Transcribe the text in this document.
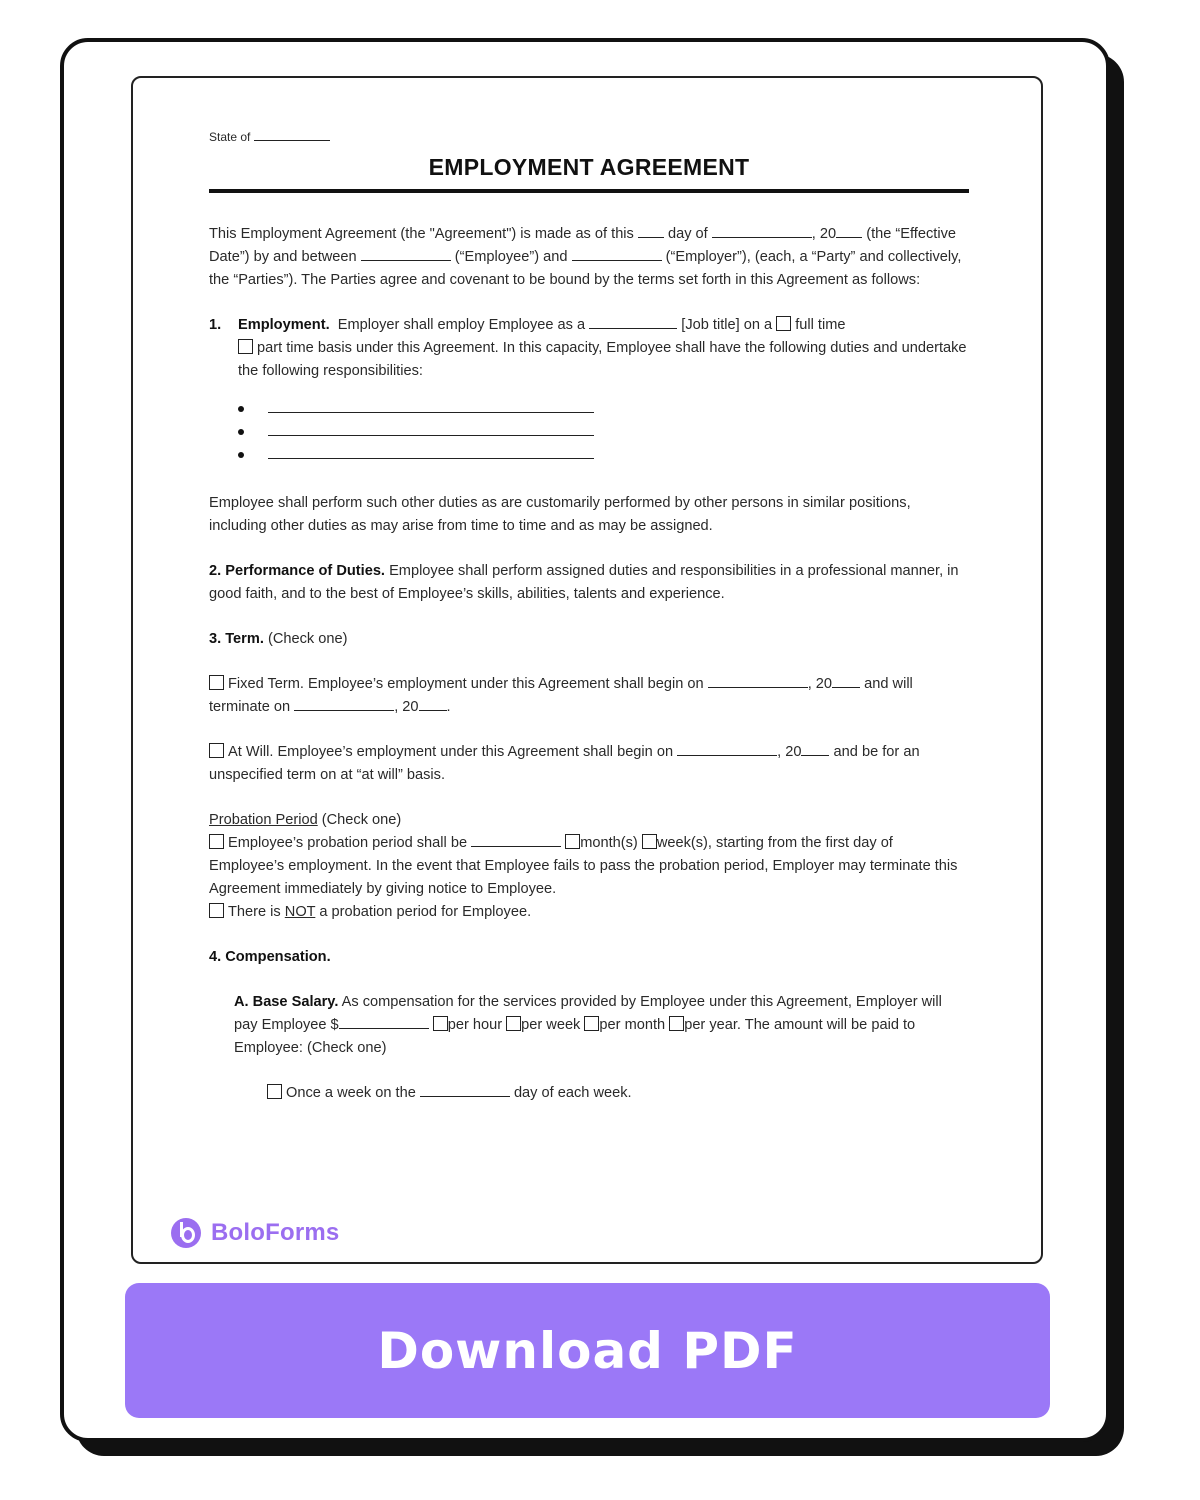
State of
EMPLOYMENT AGREEMENT

This Employment Agreement (the "Agreement") is made as of this day of	, 20 (the “Effective Date”) by and between	(“Employee”) and	(“Employer”), (each, a “Party” and collectively, the “Parties”). The Parties agree and covenant to be bound by the terms set forth in this Agreement as follows:

1. Employment. Employer shall employ Employee as a	[Job title] on a full time

part time basis under this Agreement. In this capacity, Employee shall have the following duties and undertake the following responsibilities:

Employee shall perform such other duties as are customarily performed by other persons in similar positions, including other duties as may arise from time to time and as may be assigned.

2. Performance of Duties. Employee shall perform assigned duties and responsibilities in a professional manner, in good faith, and to the best of Employee’s skills, abilities, talents and experience.

3. Term. (Check one)

Fixed Term. Employee’s employment under this Agreement shall begin on	, 20 and will terminate on	, 20 .

At Will. Employee’s employment under this Agreement shall begin on	, 20 and be for an unspecified term on at “at will” basis.

Probation Period (Check one)

Employee’s probation period shall be	month(s) week(s), starting from the first day of Employee’s employment. In the event that Employee fails to pass the probation period, Employer may terminate this Agreement immediately by giving notice to Employee.

There is NOT a probation period for Employee.

4. Compensation.

A. Base Salary. As compensation for the services provided by Employee under this Agreement, Employer will pay Employee $	per hour per week per month per year. The amount will be paid to Employee: (Check one)

Once a week on the	day of each week.

BoloForms
Download PDF
